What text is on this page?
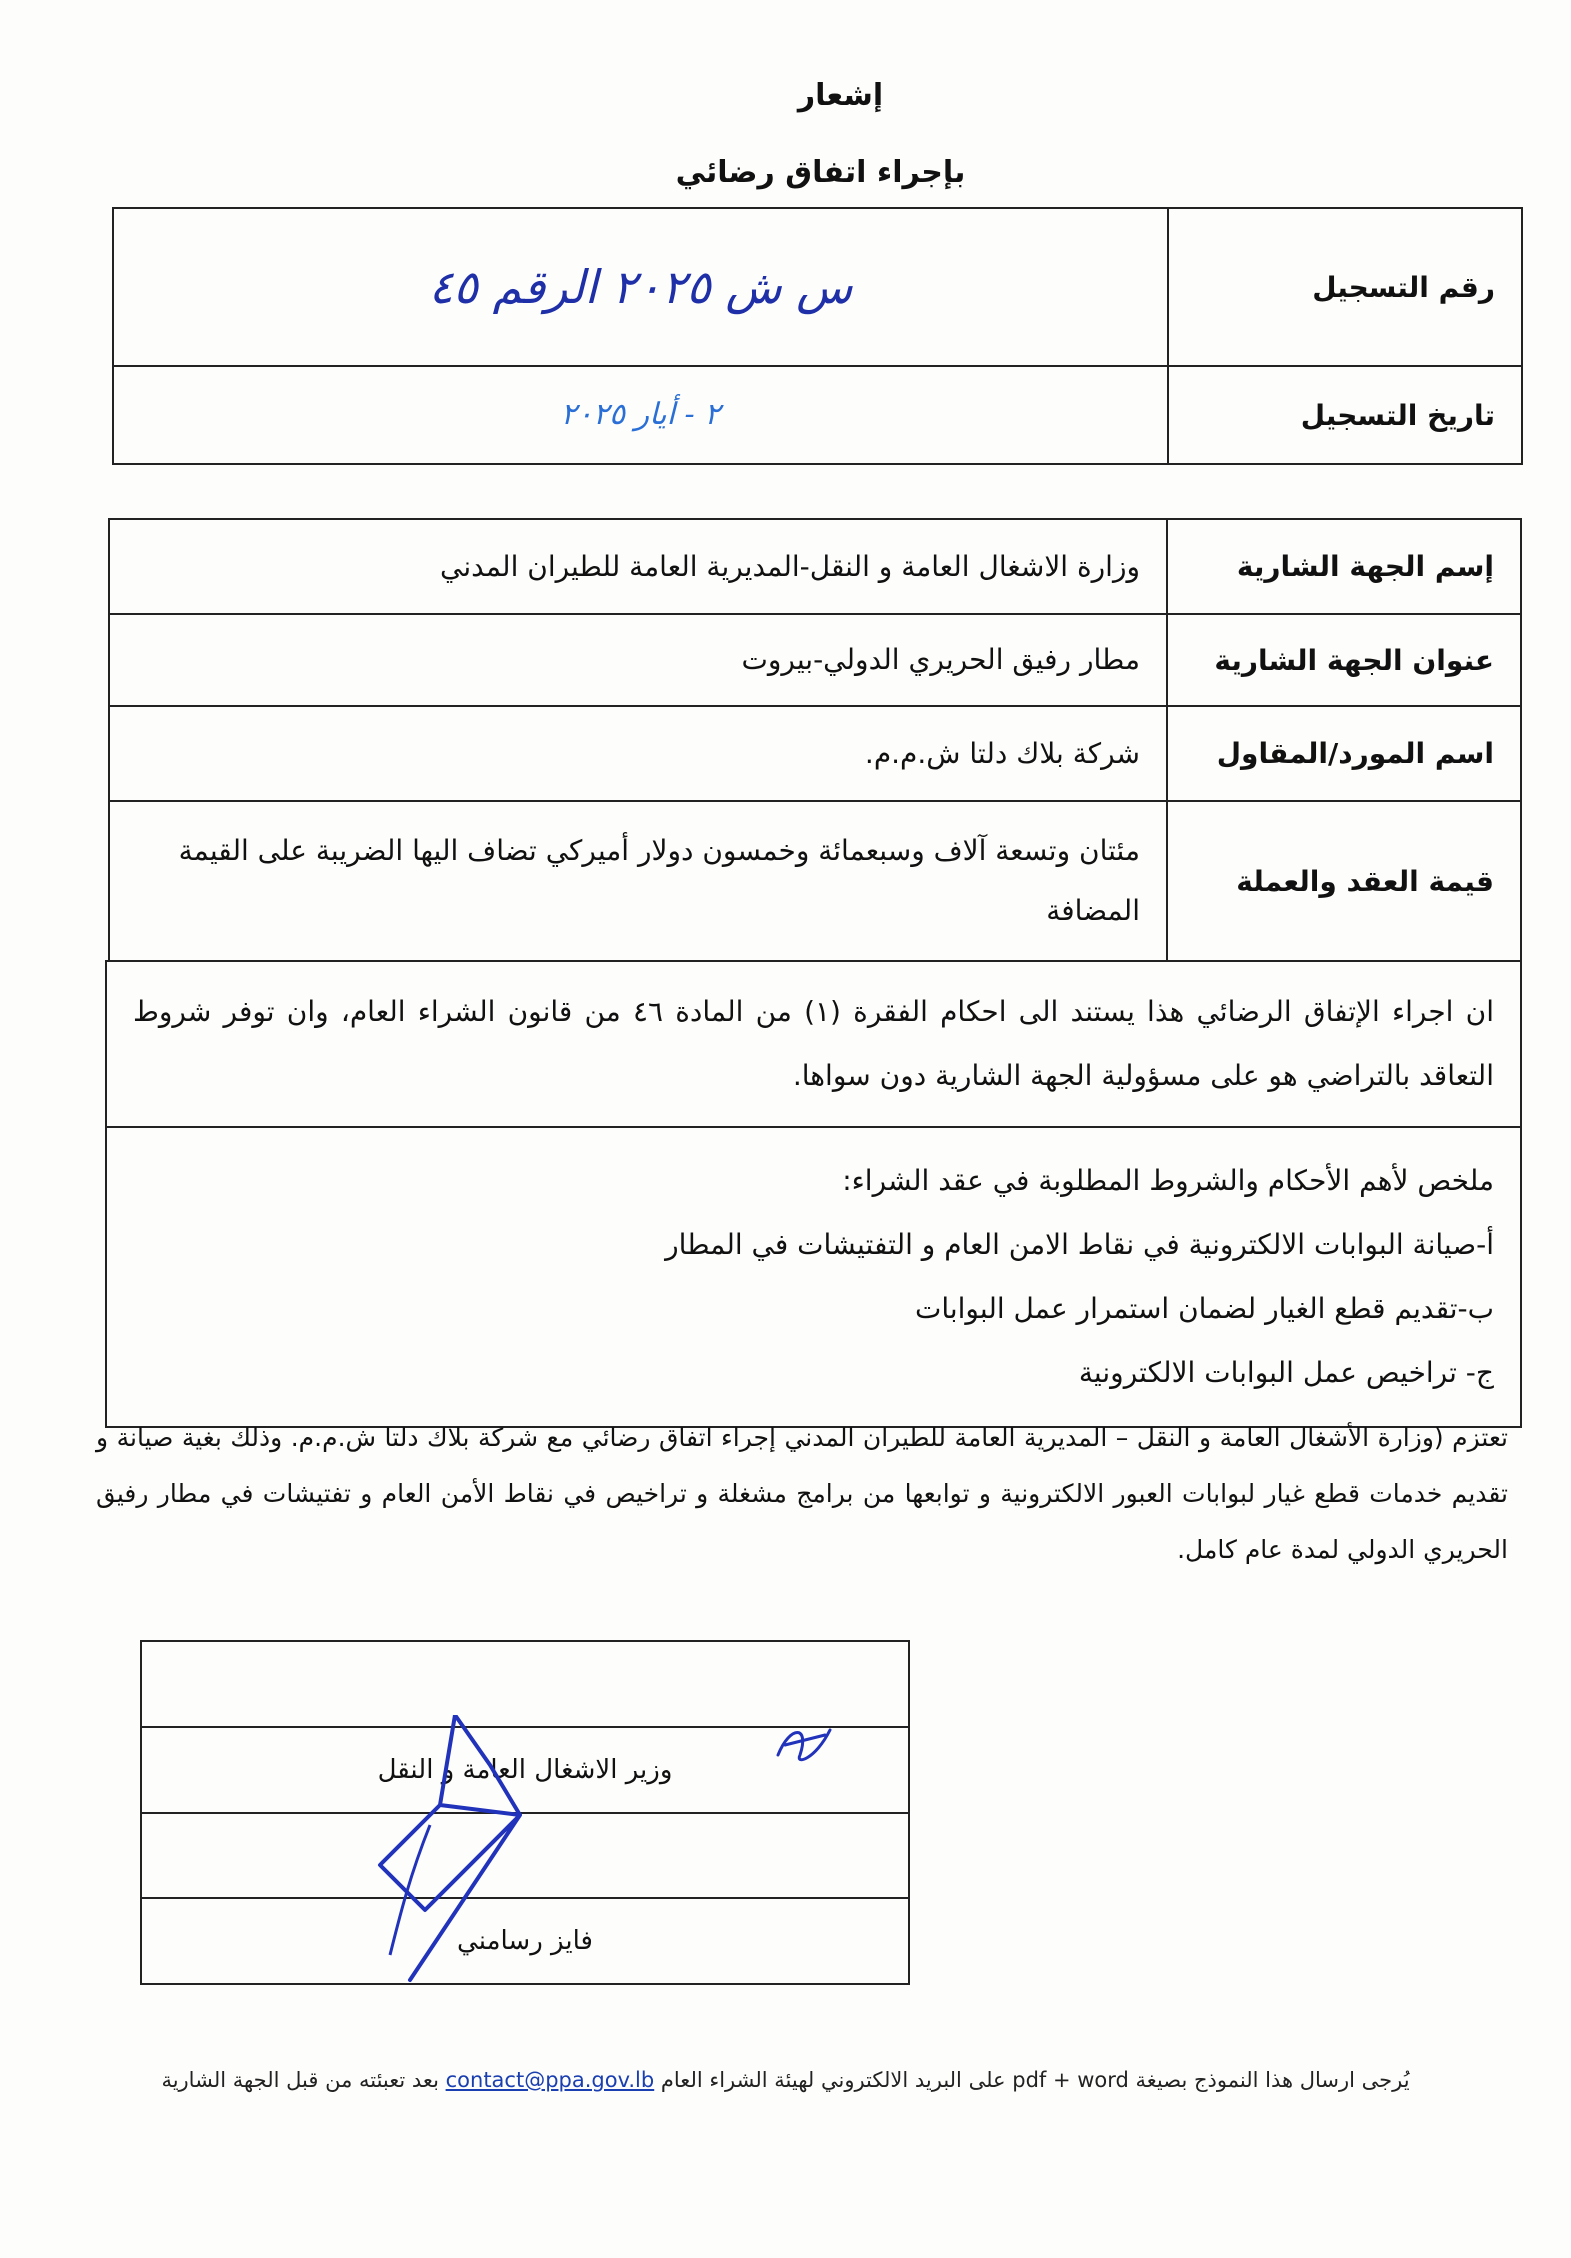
إشعار
بإجراء اتفاق رضائي
رقم التسجيل	س ش ٢٠٢٥ الرقم ٤٥

تاريخ التسجيل	٢ - أيار ٢٠٢٥
إسم الجهة الشارية	وزارة الاشغال العامة و النقل-المديرية العامة للطيران المدني
عنوان الجهة الشارية	مطار رفيق الحريري الدولي-بيروت
اسم المورد/المقاول	شركة بلاك دلتا ش.م.م.
قيمة العقد والعملة	مئتان وتسعة آلاف وسبعمائة وخمسون دولار أميركي تضاف اليها الضريبة على القيمة المضافة
ان اجراء الإتفاق الرضائي هذا يستند الى احكام الفقرة (١) من المادة ٤٦ من قانون الشراء العام، وان توفر شروط التعاقد بالتراضي هو على مسؤولية الجهة الشارية دون سواها.

ملخص لأهم الأحكام والشروط المطلوبة في عقد الشراء:
أ-صيانة البوابات الالكترونية في نقاط الامن العام و التفتيشات في المطار
ب-تقديم قطع الغيار لضمان استمرار عمل البوابات
ج- تراخيص عمل البوابات الالكترونية
تعتزم (وزارة الأشغال العامة و النقل – المديرية العامة للطيران المدني إجراء اتفاق رضائي مع شركة بلاك دلتا ش.م.م. وذلك بغية صيانة و تقديم خدمات قطع غيار لبوابات العبور الالكترونية و توابعها من برامج مشغلة و تراخيص في نقاط الأمن العام و تفتيشات في مطار رفيق الحريري الدولي لمدة عام كامل.

وزير الاشغال العامة و النقل

فايز رسامني
يُرجى ارسال هذا النموذج بصيغة pdf + word على البريد الالكتروني لهيئة الشراء العام contact@ppa.gov.lb بعد تعبئته من قبل الجهة الشارية
